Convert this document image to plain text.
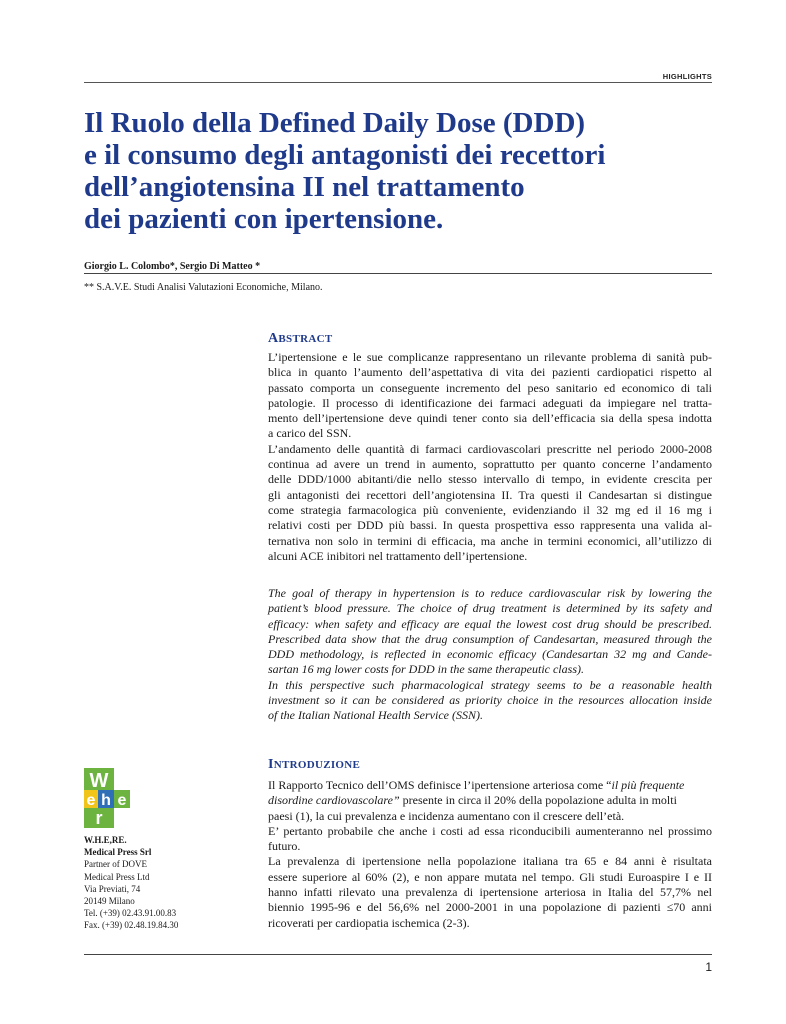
HIGHLIGHTS
Il Ruolo della Defined Daily Dose (DDD)
e il consumo degli antagonisti dei recettori
dell’angiotensina II nel trattamento
dei pazienti con ipertensione.
Giorgio L. Colombo*, Sergio Di Matteo *
** S.A.V.E. Studi Analisi Valutazioni Economiche, Milano.
ABSTRACT
L’ipertensione e le sue complicanze rappresentano un rilevante problema di sanità pub-
blica in quanto l’aumento dell’aspettativa di vita dei pazienti cardiopatici rispetto al
passato comporta un conseguente incremento del peso sanitario ed economico di tali
patologie. Il processo di identificazione dei farmaci adeguati da impiegare nel tratta-
mento dell’ipertensione deve quindi tener conto sia dell’efficacia sia della spesa indotta
a carico del SSN.
L’andamento delle quantità di farmaci cardiovascolari prescritte nel periodo 2000-2008
continua ad avere un trend in aumento, soprattutto per quanto concerne l’andamento
delle DDD/1000 abitanti/die nello stesso intervallo di tempo, in evidente crescita per
gli antagonisti dei recettori dell’angiotensina II. Tra questi il Candesartan si distingue
come strategia farmacologica più conveniente, evidenziando il 32 mg ed il 16 mg i
relativi costi per DDD più bassi. In questa prospettiva esso rappresenta una valida al-
ternativa non solo in termini di efficacia, ma anche in termini economici, all’utilizzo di
alcuni ACE inibitori nel trattamento dell’ipertensione.
The goal of therapy in hypertension is to reduce cardiovascular risk by lowering the
patient’s blood pressure. The choice of drug treatment is determined by its safety and
efficacy: when safety and efficacy are equal the lowest cost drug should be prescribed.
Prescribed data show that the drug consumption of Candesartan, measured through the
DDD methodology, is reflected in economic efficacy (Candesartan 32 mg and Cande-
sartan 16 mg lower costs for DDD in the same therapeutic class).
In this perspective such pharmacological strategy seems to be a reasonable health
investment so it can be considered as priority choice in the resources allocation inside
of the Italian National Health Service (SSN).
INTRODUZIONE
Il Rapporto Tecnico dell’OMS definisce l’ipertensione arteriosa come “il più frequente
disordine cardiovascolare” presente in circa il 20% della popolazione adulta in molti
paesi (1), la cui prevalenza e incidenza aumentano con il crescere dell’età.
E’ pertanto probabile che anche i costi ad essa riconducibili aumenteranno nel prossimo
futuro.
La prevalenza di ipertensione nella popolazione italiana tra 65 e 84 anni è risultata
essere superiore al 60% (2), e non appare mutata nel tempo. Gli studi Euroaspire I e II
hanno infatti rilevato una prevalenza di ipertensione arteriosa in Italia del 57,7% nel
biennio 1995-96 e del 56,6% nel 2000-2001 in una popolazione di pazienti ≤70 anni
ricoverati per cardiopatia ischemica (2-3).
W
h
e
r
e
W.H.E,RE.
Medical Press Srl
Partner of DOVE
Medical Press Ltd
Via Previati, 74
20149 Milano
Tel. (+39) 02.43.91.00.83
Fax. (+39) 02.48.19.84.30
1
